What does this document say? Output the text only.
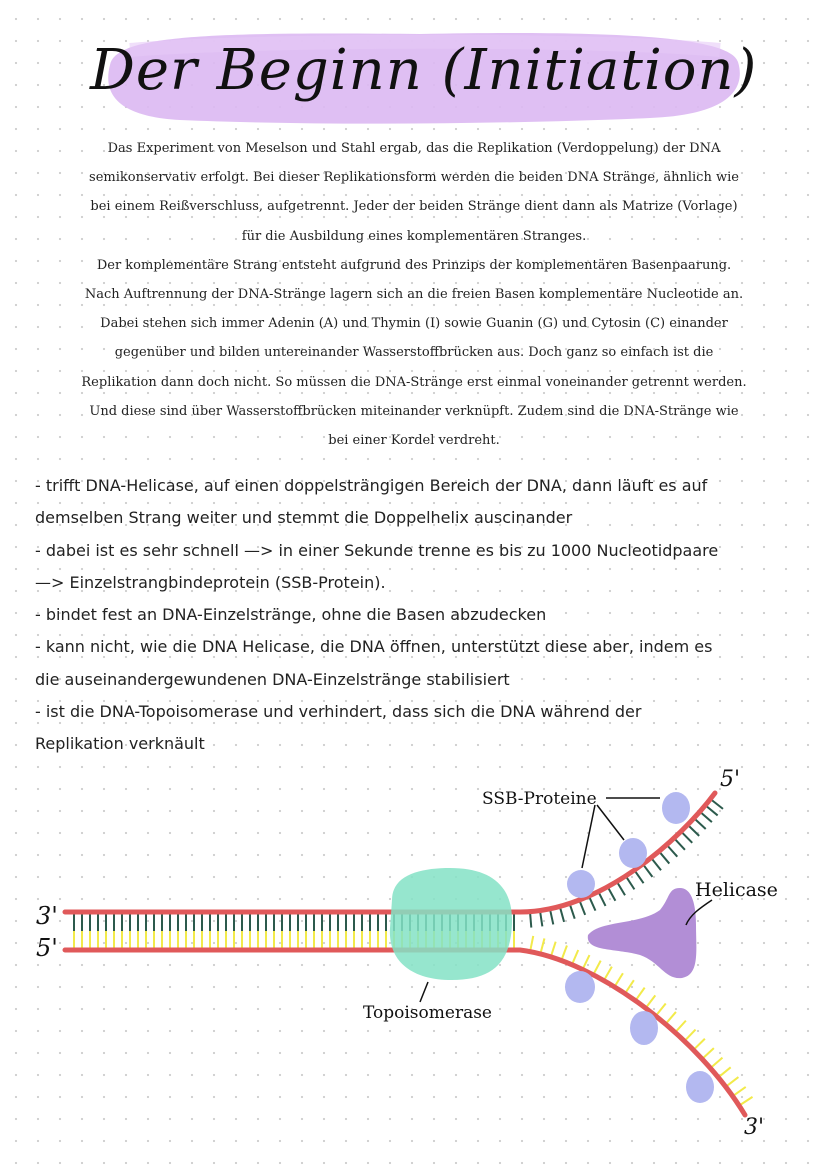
Der Beginn (Initiation)

Das Experiment von Meselson und Stahl ergab, das die Replikation (Verdoppelung) der DNA

semikonservativ erfolgt. Bei dieser Replikationsform werden die beiden DNA Stränge, ähnlich wie

bei einem Reißverschluss, aufgetrennt. Jeder der beiden Stränge dient dann als Matrize (Vorlage)

für die Ausbildung eines komplementären Stranges.

Der komplementäre Strang entsteht aufgrund des Prinzips der komplementären Basenpaarung.

Nach Auftrennung der DNA-Stränge lagern sich an die freien Basen komplementäre Nucleotide an.

Dabei stehen sich immer Adenin (A) und Thymin (I) sowie Guanin (G) und Cytosin (C) einander

gegenüber und bilden untereinander Wasserstoffbrücken aus. Doch ganz so einfach ist die

Replikation dann doch nicht. So müssen die DNA-Stränge erst einmal voneinander getrennt werden.

Und diese sind über Wasserstoffbrücken miteinander verknüpft. Zudem sind die DNA-Stränge wie

bei einer Kordel verdreht.

- trifft DNA-Helicase, auf einen doppelsträngigen Bereich der DNA, dann läuft es auf

demselben Strang weiter und stemmt die Doppelhelix auscinander

- dabei ist es sehr schnell —> in einer Sekunde trenne es bis zu 1000 Nucleotidpaare

—> Einzelstrangbindeprotein (SSB-Protein).

- bindet fest an DNA-Einzelstränge, ohne die Basen abzudecken

- kann nicht, wie die DNA Helicase, die DNA öffnen, unterstützt diese aber, indem es

die auseinandergewundenen DNA-Einzelstränge stabilisiert

- ist die DNA-Topoisomerase und verhindert, dass sich die DNA während der

Replikation verknäult

SSB-Proteine
Helicase
Topoisomerase
3'
5'
5'
3'
